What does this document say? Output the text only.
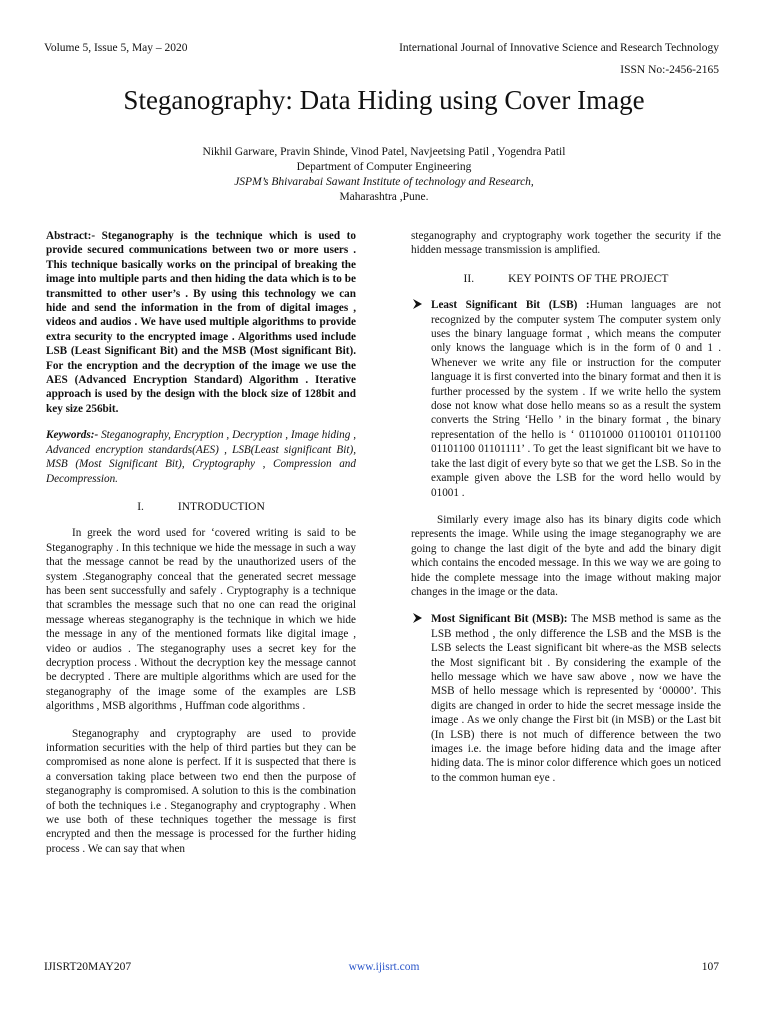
Volume 5, Issue 5, May – 2020	International Journal of Innovative Science and Research Technology
ISSN No:-2456-2165
Steganography: Data Hiding using Cover Image
Nikhil Garware, Pravin Shinde, Vinod Patel, Navjeetsing Patil , Yogendra Patil
Department of Computer Engineering
JSPM’s Bhivarabai Sawant Institute of technology and Research,
Maharashtra ,Pune.

Abstract:- Steganography is the technique which is used to provide secured communications between two or more users . This technique basically works on the principal of breaking the image into multiple parts and then hiding the data which is to be transmitted to other user’s . By using this technology we can hide and send the information in the from of digital images , videos and audios . We have used multiple algorithms to provide extra security to the encrypted image . Algorithms used include LSB (Least Significant Bit) and the MSB (Most significant Bit). For the encryption and the decryption of the image we use the AES (Advanced Encryption Standard) Algorithm . Iterative approach is used by the design with the block size of 128bit and key size 256bit.

Keywords:- Steganography, Encryption , Decryption , Image hiding , Advanced encryption standards(AES) , LSB(Least significant Bit), MSB (Most Significant Bit), Cryptography , Compression and Decompression.

I.	INTRODUCTION

In greek the word used for ‘covered writing is said to be Steganography . In this technique we hide the message in such a way that the message cannot be read by the unauthorized users of the system .Steganography conceal that the generated secret message has been sent successfully and safely . Cryptography is a technique that scrambles the message such that no one can read the original message whereas steganography is the technique in which we hide the message in any of the mentioned formats like digital image , video or audios . The steganography uses a secret key for the decryption process . Without the decryption key the message cannot be decrypted . There are multiple algorithms which are used for the steganography of the image some of the examples are LSB algorithms , MSB algorithms , Huffman code algorithms .

Steganography and cryptography are used to provide information securities with the help of third parties but they can be compromised as none alone is perfect. If it is suspected that there is a conversation taking place between two end then the purpose of steganography is compromised. A solution to this is the combination of both the techniques i.e . Steganography and cryptography . When we use both of these techniques together the message is first encrypted and then the message is processed for the further hiding process . We can say that when

steganography and cryptography work together the security if the hidden message transmission is amplified.

II.	KEY POINTS OF THE PROJECT

Least Significant Bit (LSB) :Human languages are not recognized by the computer system The computer system only uses the binary language format , which means the computer only knows the language which is in the form of 0 and 1 . Whenever we write any file or instruction for the computer language it is first converted into the binary format and then it is further processed by the system . If we write hello the system dose not know what dose hello means so as a result the system converts the String ‘Hello ’ in the binary format , the binary representation of the hello is ‘ 01101000 01100101 01101100 01101100 01101111’ . To get the least significant bit we have to take the last digit of every byte so that we get the LSB. So in the example given above the LSB for the word hello would by 01001 .

Similarly every image also has its binary digits code which represents the image. While using the image steganography we are going to change the last digit of the byte and add the binary digit which contains the encoded message. In this we way we are going to hide the complete message into the image without making major changes in the image or the data.

Most Significant Bit (MSB): The MSB method is same as the LSB method , the only difference the LSB and the MSB is the LSB selects the Least significant bit where-as the MSB selects the Most significant bit . By considering the example of the hello message which we have saw above , now we have the MSB of hello message which is represented by ‘00000’. This digits are changed in order to hide the secret message inside the image . As we only change the First bit (in MSB) or the Last bit (In LSB) there is not much of difference between the two images i.e. the image before hiding data and the image after hiding data. The is minor color difference which goes un noticed to the common human eye .
IJISRT20MAY207	www.ijisrt.com	107
